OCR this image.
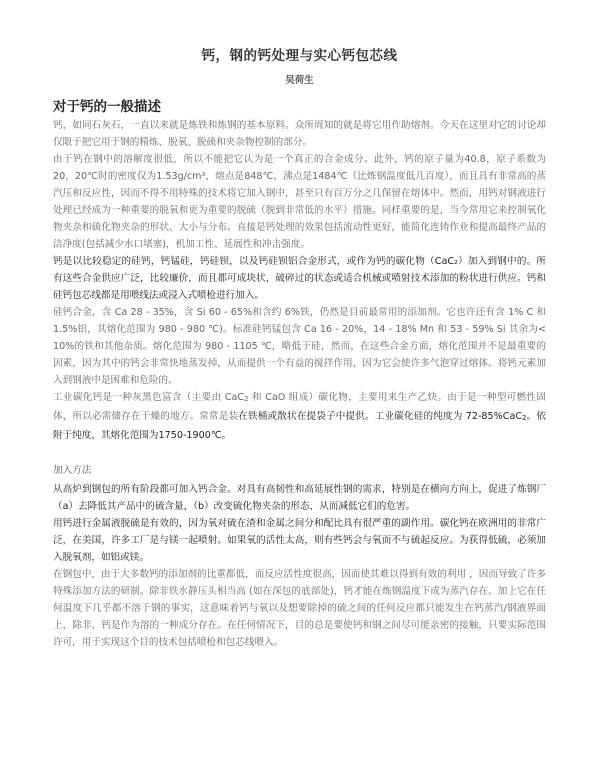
钙，钢的钙处理与实心钙包芯线
吴荷生
对于钙的一般描述

钙，如同石灰石，一直以来就是炼铁和炼钢的基本原料。众所周知的就是将它用作助熔剂。今天在这里对它的讨论却仅限于把它用于钢的精炼、脱氧、脱硫和夹杂物控制的部分。

由于钙在钢中的溶解度很低，所以不能把它认为是一个真正的合金成分。此外，钙的原子量为40.8，原子系数为20，20℃时的密度仅为1.53g/cm³，熔点是848℃，沸点是1484℃（比炼钢温度低几百度），而且具有非常高的蒸汽压和反应性，因而不得不用特殊的技术将它加入钢中，甚至只有百万分之几保留在熔体中。然而，用钙对钢液进行处理已经成为一种重要的脱氧和更为重要的脱硫（脱到非常低的水平）措施。同样重要的是，当今常用它来控制氧化物夹杂和硫化物夹杂的形状、大小与分布。直接是钙处理的效果包括流动性更好，能简化连铸作业和提高最终产品的洁净度(包括减少水口堵塞)，机加工性、延展性和冲击强度。

钙是以比较稳定的硅钙，钙锰硅，钙硅钡，以及钙硅钡铝合金形式，或作为钙的碳化物（CaC₂）加入到钢中的。所有这些合金供应广泛，比较廉价，而且都可成块状，破碎过的状态或适合机械或喷射技术添加的粉状进行供应。钙和硅钙包芯线都是用喂线法或浸入式喷枪进行加入。

硅钙合金，含 Ca 28 - 35%，含 Si 60 - 65%和含约 6%铁，仍然是目前最常用的添加剂。它也许还有含 1% C 和 1.5%铝，其熔化范围为 980 - 980 ℃)。标准硅钙锰包含 Ca 16 - 20%，14 - 18% Mn 和 53 - 59% Si 其余为< 10%的铁和其他杂质。熔化范围为 980 - 1105 ℃，略低于硅，然而，在这些合金方面，熔化范围并不是最重要的因素，因为其中的钙会非常快地蒸发掉，从而提供一个有益的搅拌作用，因为它会使许多气泡穿过熔体。将钙元素加入到钢液中是困难和危险的。

工业碳化钙是一种灰黑色富含（主要由 CaC$_2$ 和 CaO 组成）碳化物，主要用来生产乙炔。由于是一种型可燃性固体，所以必需储存在干燥的地方。常常是装在铁桶或散状在提袋子中提供。工业碳化硅的纯度为 72-85%CaC$_2$。依附于纯度，其熔化范围为1750-1900℃。

加入方法

从高炉到钢包的所有阶段都可加入钙合金。对具有高韧性和高延展性钢的需求，特别是在横向方向上，促进了炼钢厂（a）去降低其产品中的硫含量，（b）改变硫化物夹杂的形态，从而减低它们的危害。

用钙进行金属液脱硫是有效的，因为氧对硫在渣和金属之间分和配比具有很严重的副作用。碳化钙在欧洲用的非常广泛，在美国，许多工厂是与镁一起喷射。如果氧的活性太高，则有些钙会与氧而不与硫起反应。为获得低硫，必须加入脱氧剂，如铝或镁。

在钢包中，由于大多数钙的添加剂的比重都低，而反应活性度很高，因而使其难以得到有效的利用 ，因而导致了许多特殊添加方法的研制。除非铁水静压头相当高 (如在深包的底部处)，钙才能在炼钢温度下成为蒸汽存在。加上它在任何温度下几乎都不溶于钢的事实，这意味着钙与氧以及想要除掉的硫之间的任何反应都只能发生在钙蒸汽/钢液界面上，除非，钙是作为溶的一种成分存在。在任何情况下，目的总是要使钙和钢之间尽可能亲密的接触，只要实际范围许可，用于实现这个目的技术包括喷枪和包芯线喂入。
